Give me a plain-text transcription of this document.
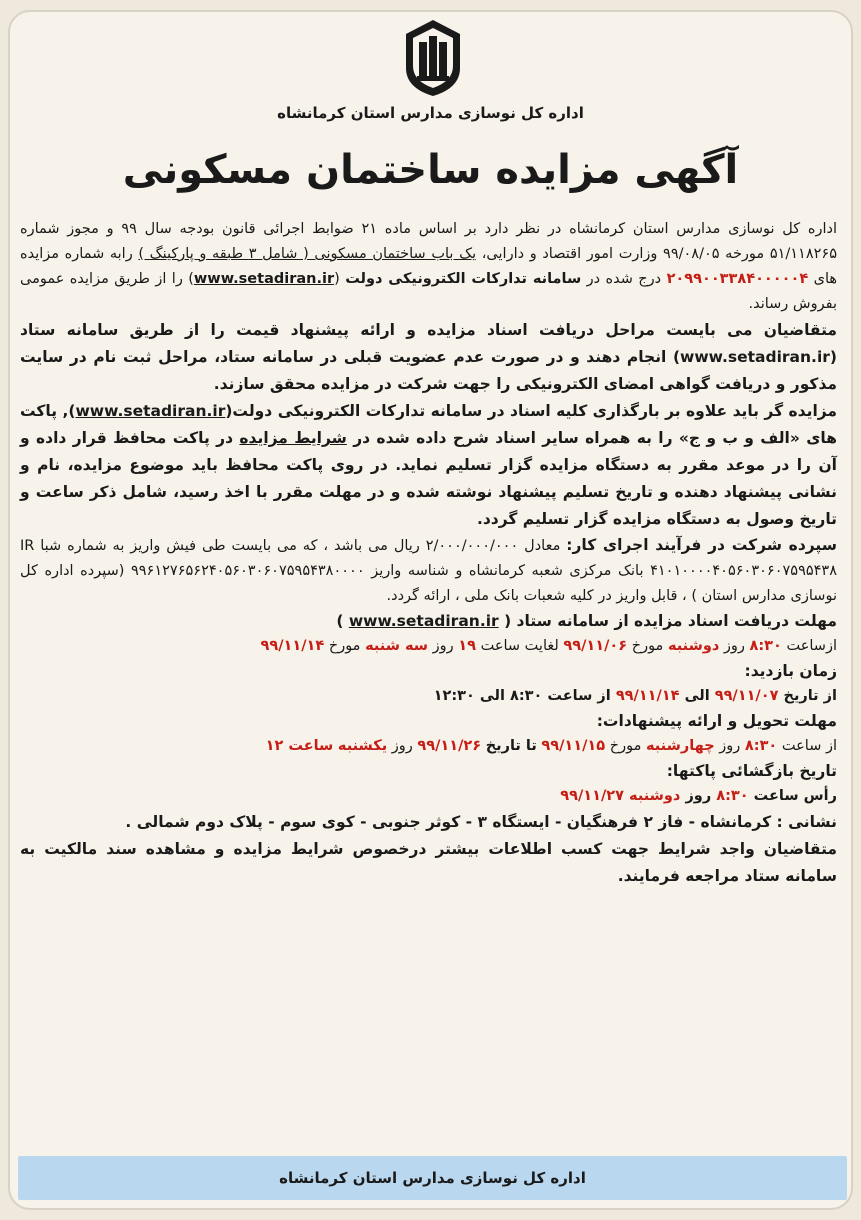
اداره کل نوسازی مدارس استان کرمانشاه
آگهی مزایده ساختمان مسکونی

اداره کل نوسازی مدارس استان کرمانشاه در نظر دارد بر اساس ماده ۲۱ ضوابط اجرائی قانون بودجه سال ۹۹ و مجوز شماره ۵۱/۱۱۸۲۶۵ مورخه ۹۹/۰۸/۰۵ وزارت امور اقتصاد و دارایی، یک باب ساختمان مسکونی ( شامل ۳ طبقه و پارکینگ ) رابه شماره مزایده های ۲۰۹۹۰۰۳۳۸۴۰۰۰۰۰۴ درج شده در سامانه تدارکات الکترونیکی دولت (www.setadiran.ir) را از طریق مزایده عمومی بفروش رساند.

متقاضیان می بایست مراحل دریافت اسناد مزایده و ارائه پیشنهاد قیمت را از طریق سامانه ستاد (www.setadiran.ir) انجام دهند و در صورت عدم عضویت قبلی در سامانه ستاد، مراحل ثبت نام در سایت مذکور و دریافت گواهی امضای الکترونیکی را جهت شرکت در مزایده محقق سازند.

مزایده گر باید علاوه بر بارگذاری کلیه اسناد در سامانه تدارکات الکترونیکی دولت(www.setadiran.ir), پاکت های «الف و ب و ج» را به همراه سایر اسناد شرح داده شده در شرایط مزایده در پاکت محافظ قرار داده و آن را در موعد مقرر به دستگاه مزایده گزار تسلیم نماید. در روی پاکت محافظ باید موضوع مزایده، نام و نشانی پیشنهاد دهنده و تاریخ تسلیم پیشنهاد نوشته شده و در مهلت مقرر با اخذ رسید، شامل ذکر ساعت و تاریخ وصول به دستگاه مزایده گزار تسلیم گردد.

سپرده شرکت در فرآیند اجرای کار: معادل ۲/۰۰۰/۰۰۰/۰۰۰ ریال می باشد ، که می بایست طی فیش واریز به شماره شبا IR ۴۱۰۱۰۰۰۰۴۰۵۶۰۳۰۶۰۷۵۹۵۴۳۸ بانک مرکزی شعبه کرمانشاه و شناسه واریز ۹۹۶۱۲۷۶۵۶۲۴۰۵۶۰۳۰۶۰۷۵۹۵۴۳۸۰۰۰۰ (سپرده اداره کل نوسازی مدارس استان ) ، قابل واریز در کلیه شعبات بانک ملی ، ارائه گردد.

مهلت دریافت اسناد مزایده از سامانه ستاد ( www.setadiran.ir )

ازساعت ۸:۳۰ روز دوشنبه مورخ ۹۹/۱۱/۰۶ لغایت ساعت ۱۹ روز سه شنبه مورخ ۹۹/۱۱/۱۴

زمان بازدید:

از تاریخ ۹۹/۱۱/۰۷ الی ۹۹/۱۱/۱۴ از ساعت ۸:۳۰ الی ۱۲:۳۰

مهلت تحویل و ارائه پیشنهادات:

از ساعت ۸:۳۰ روز چهارشنبه مورخ ۹۹/۱۱/۱۵ تا تاریخ ۹۹/۱۱/۲۶ روز یکشنبه ساعت ۱۲

تاریخ بازگشائی پاکتها:

رأس ساعت ۸:۳۰ روز دوشنبه ۹۹/۱۱/۲۷

نشانی : کرمانشاه - فاز ۲ فرهنگیان - ایستگاه ۳ - کوثر جنوبی - کوی سوم - پلاک دوم شمالی .

متقاضیان واجد شرایط جهت کسب اطلاعات بیشتر درخصوص شرایط مزایده و مشاهده سند مالکیت به سامانه ستاد مراجعه فرمایند.

اداره کل نوسازی مدارس استان کرمانشاه
